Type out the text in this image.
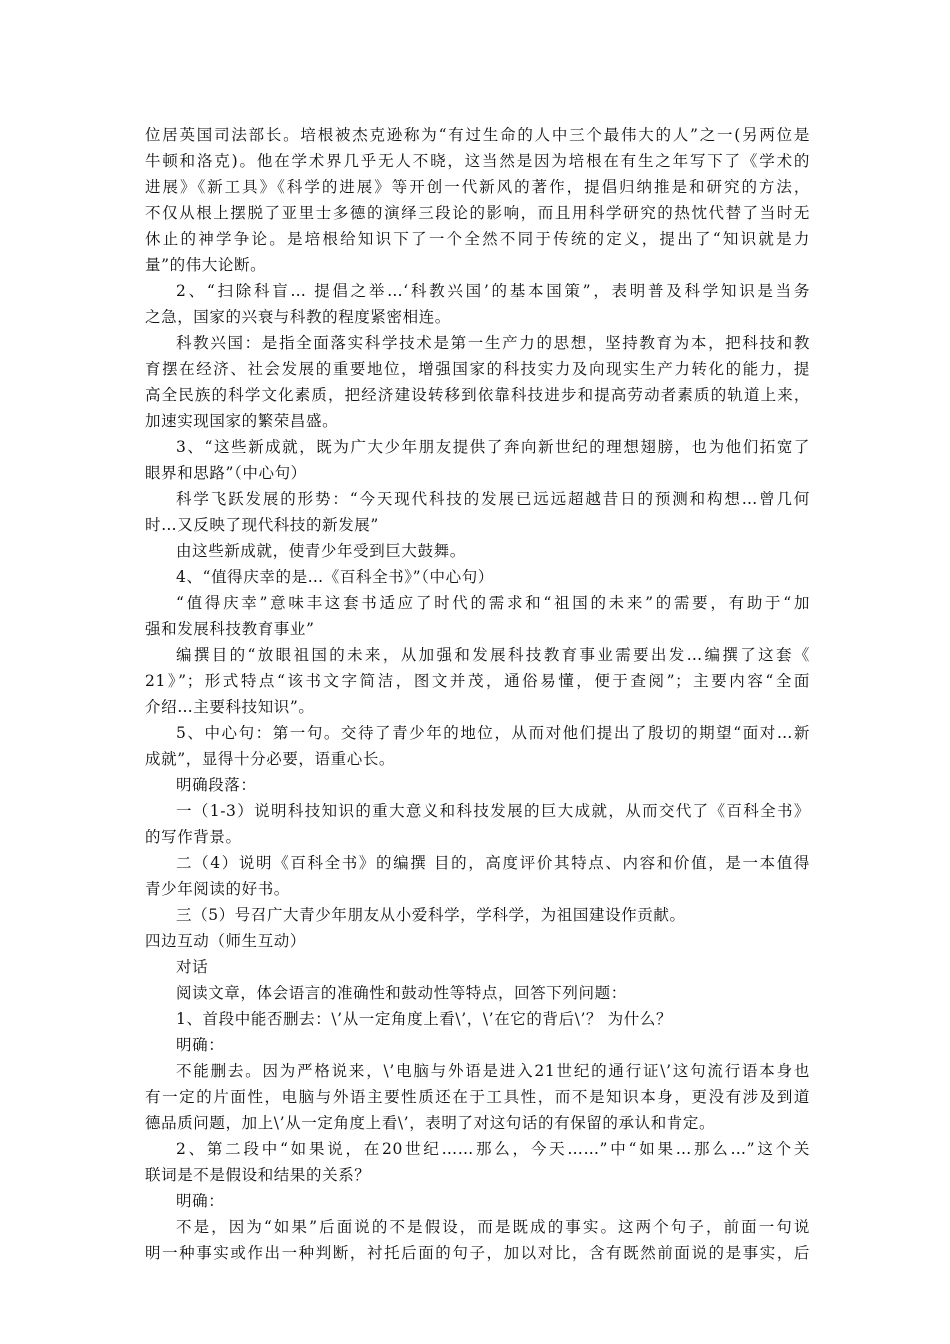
位居英国司法部长。培根被杰克逊称为“有过生命的人中三个最伟大的人”之一(另两位是
牛顿和洛克)。他在学术界几乎无人不晓，这当然是因为培根在有生之年写下了《学术的
进展》《新工具》《科学的进展》等开创一代新风的著作，提倡归纳推是和研究的方法，
不仅从根上摆脱了亚里士多德的演绎三段论的影响，而且用科学研究的热忱代替了当时无
休止的神学争论。是培根给知识下了一个全然不同于传统的定义，提出了“知识就是力
量”的伟大论断。
2、“扫除科盲… 提倡之举…‘科教兴国’的基本国策”，表明普及科学知识是当务
之急，国家的兴衰与科教的程度紧密相连。
科教兴国：是指全面落实科学技术是第一生产力的思想，坚持教育为本，把科技和教
育摆在经济、社会发展的重要地位，增强国家的科技实力及向现实生产力转化的能力，提
高全民族的科学文化素质，把经济建设转移到依靠科技进步和提高劳动者素质的轨道上来，
加速实现国家的繁荣昌盛。
3、“这些新成就，既为广大少年朋友提供了奔向新世纪的理想翅膀，也为他们拓宽了
眼界和思路”（中心句）
科学飞跃发展的形势：“今天现代科技的发展已远远超越昔日的预测和构想…曾几何
时…又反映了现代科技的新发展”
由这些新成就，使青少年受到巨大鼓舞。
4、“值得庆幸的是…《百科全书》”（中心句）
“值得庆幸”意味丰这套书适应了时代的需求和“祖国的未来”的需要，有助于“加
强和发展科技教育事业”
编撰目的“放眼祖国的未来，从加强和发展科技教育事业需要出发…编撰了这套《
21》”；形式特点“该书文字简洁，图文并茂，通俗易懂，便于查阅”；主要内容“全面
介绍…主要科技知识”。
5、中心句：第一句。交待了青少年的地位，从而对他们提出了殷切的期望“面对…新
成就”，显得十分必要，语重心长。
明确段落：
一（1-3）说明科技知识的重大意义和科技发展的巨大成就，从而交代了《百科全书》
的写作背景。
二（4）说明《百科全书》的编撰 目的，高度评价其特点、内容和价值，是一本值得
青少年阅读的好书。
三（5）号召广大青少年朋友从小爱科学，学科学，为祖国建设作贡献。
四边互动（师生互动）
对话
阅读文章，体会语言的准确性和鼓动性等特点，回答下列问题：
1、首段中能否删去：\’从一定角度上看\’，\’在它的背后\’？ 为什么？
明确：
不能删去。因为严格说来，\’电脑与外语是进入21世纪的通行证\’这句流行语本身也
有一定的片面性，电脑与外语主要性质还在于工具性，而不是知识本身，更没有涉及到道
德品质问题，加上\’从一定角度上看\’，表明了对这句话的有保留的承认和肯定。
2、第二段中“如果说，在20世纪……那么，今天……”中“如果…那么…”这个关
联词是不是假设和结果的关系？
明确：
不是，因为“如果”后面说的不是假设，而是既成的事实。这两个句子，前面一句说
明一种事实或作出一种判断，衬托后面的句子，加以对比，含有既然前面说的是事实，后
